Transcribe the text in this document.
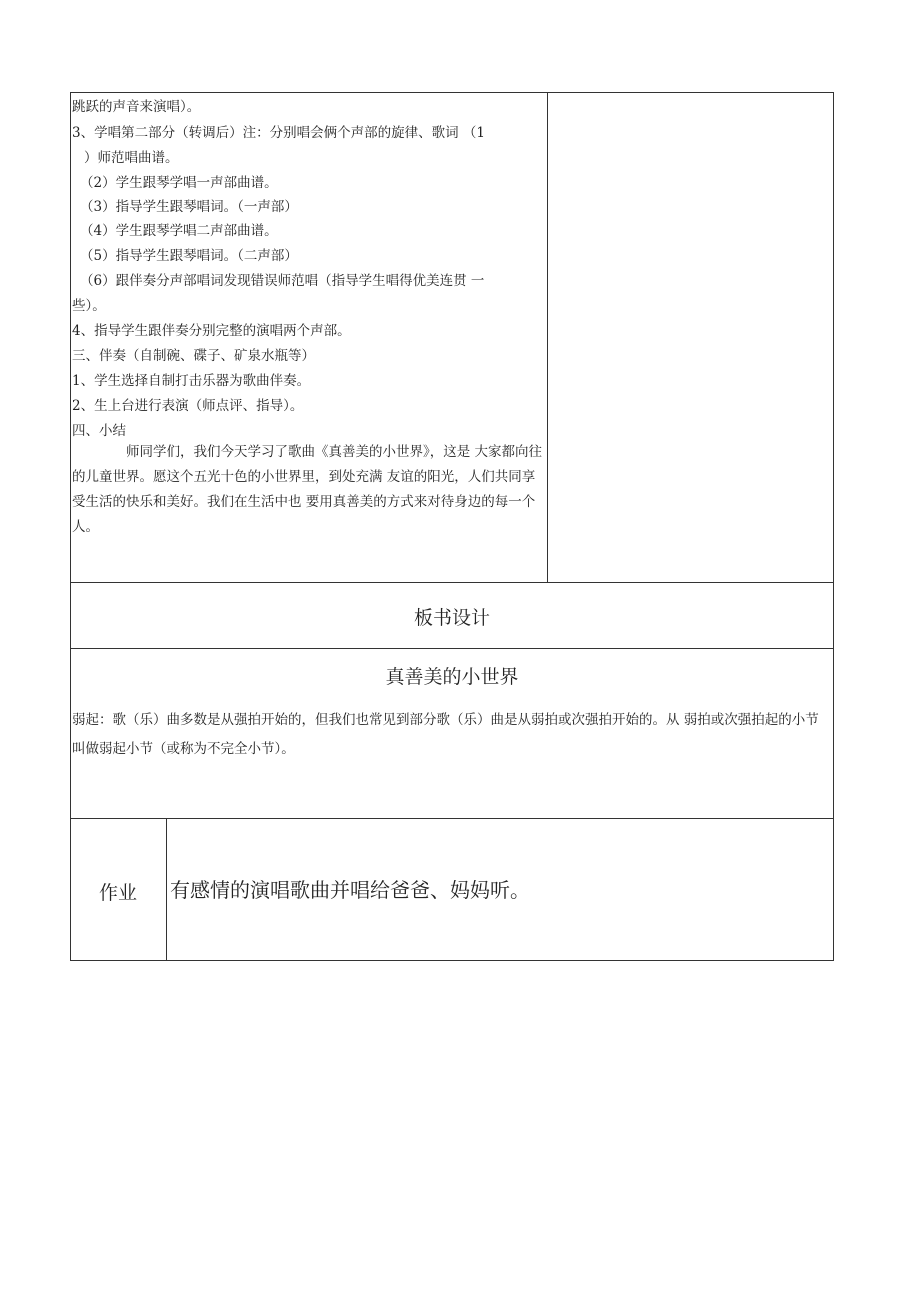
跳跃的声音来演唱）。
3、学唱第二部分（转调后）注：分别唱会俩个声部的旋律、歌词 （1
）师范唱曲谱。
（2）学生跟琴学唱一声部曲谱。
（3）指导学生跟琴唱词。（一声部）
（4）学生跟琴学唱二声部曲谱。
（5）指导学生跟琴唱词。（二声部）
（6）跟伴奏分声部唱词发现错误师范唱（指导学生唱得优美连贯 一
些）。
4、指导学生跟伴奏分别完整的演唱两个声部。
三、伴奏（自制碗、碟子、矿泉水瓶等）
1、学生选择自制打击乐器为歌曲伴奏。
2、生上台进行表演（师点评、指导）。
四、小结

师同学们，我们今天学习了歌曲《真善美的小世界》，这是 大家都向往的儿童世界。愿这个五光十色的小世界里，到处充满 友谊的阳光，人们共同享受生活的快乐和美好。我们在生活中也 要用真善美的方式来对待身边的每一个人。

板书设计
真善美的小世界

弱起：歌（乐）曲多数是从强拍开始的，但我们也常见到部分歌（乐）曲是从弱拍或次强拍开始的。从 弱拍或次强拍起的小节叫做弱起小节（或称为不完全小节）。

作业	有感情的演唱歌曲并唱给爸爸、妈妈听。
